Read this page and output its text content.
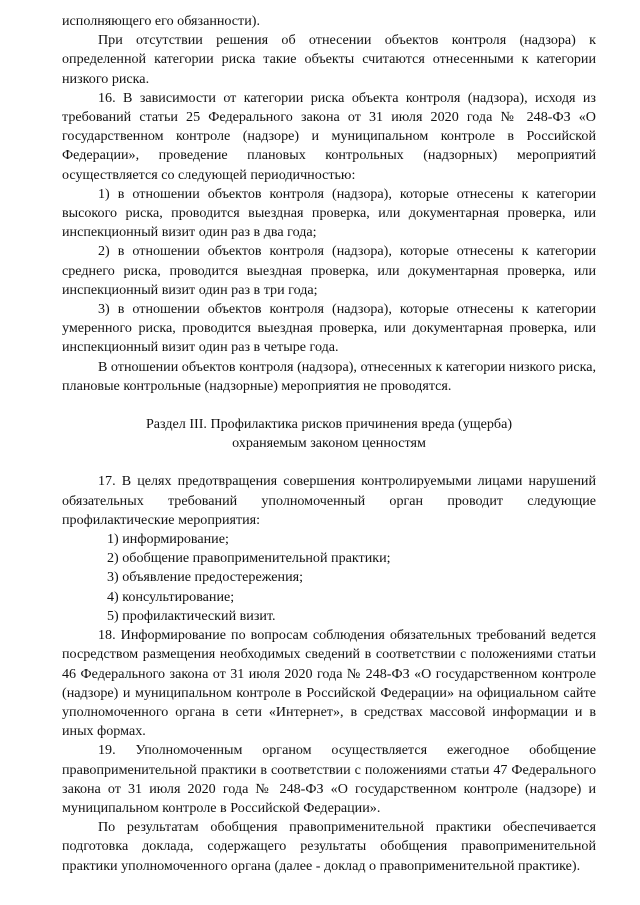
исполняющего его обязанности).

При отсутствии решения об отнесении объектов контроля (надзора) к определенной категории риска такие объекты считаются отнесенными к категории низкого риска.

16. В зависимости от категории риска объекта контроля (надзора), исходя из требований статьи 25 Федерального закона от 31 июля 2020 года № 248-ФЗ «О государственном контроле (надзоре) и муниципальном контроле в Российской Федерации», проведение плановых контрольных (надзорных) мероприятий осуществляется со следующей периодичностью:

1) в отношении объектов контроля (надзора), которые отнесены к категории высокого риска, проводится выездная проверка, или документарная проверка, или инспекционный визит один раз в два года;

2) в отношении объектов контроля (надзора), которые отнесены к категории среднего риска, проводится выездная проверка, или документарная проверка, или инспекционный визит один раз в три года;

3) в отношении объектов контроля (надзора), которые отнесены к категории умеренного риска, проводится выездная проверка, или документарная проверка, или инспекционный визит один раз в четыре года.

В отношении объектов контроля (надзора), отнесенных к категории низкого риска, плановые контрольные (надзорные) мероприятия не проводятся.

Раздел III. Профилактика рисков причинения вреда (ущерба)

охраняемым законом ценностям

17. В целях предотвращения совершения контролируемыми лицами нарушений обязательных требований уполномоченный орган проводит следующие профилактические мероприятия:

1) информирование;

2) обобщение правоприменительной практики;

3) объявление предостережения;

4) консультирование;

5) профилактический визит.

18. Информирование по вопросам соблюдения обязательных требований ведется посредством размещения необходимых сведений в соответствии с положениями статьи 46 Федерального закона от 31 июля 2020 года № 248-ФЗ «О государственном контроле (надзоре) и муниципальном контроле в Российской Федерации» на официальном сайте уполномоченного органа в сети «Интернет», в средствах массовой информации и в иных формах.

19. Уполномоченным органом осуществляется ежегодное обобщение правоприменительной практики в соответствии с положениями статьи 47 Федерального закона от 31 июля 2020 года № 248-ФЗ «О государственном контроле (надзоре) и муниципальном контроле в Российской Федерации».

По результатам обобщения правоприменительной практики обеспечивается подготовка доклада, содержащего результаты обобщения правоприменительной практики уполномоченного органа (далее - доклад о правоприменительной практике).
